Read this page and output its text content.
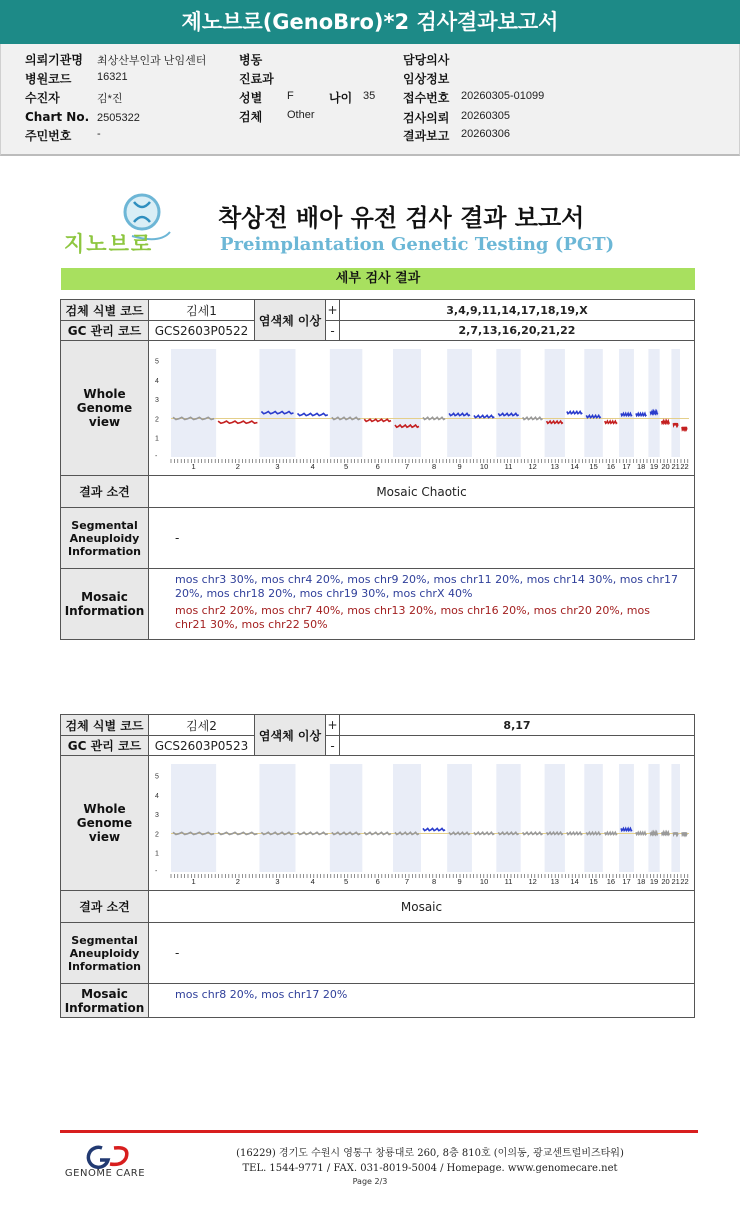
제노브로(GenoBro)*2 검사결과보고서
의뢰기관명 최상산부인과 난임센터
병원코드 16321
수진자	김*진
Chart No. 2505322
주민번호 -
병동
진료과
성별 F	나이 35
검체 Other
담당의사
임상정보
접수번호 20260305-01099
검사의뢰 20260305
결과보고 20260306
지노브로
착상전 배아 유전 검사 결과 보고서
Preimplantation Genetic Testing (PGT)
세부 검사 결과
검체 식별 코드	김세1	+	3,4,9,11,14,17,18,19,X
GC 관리 코드	GCS2603P0522	-	2,7,13,16,20,21,22
염색체 이상
Whole Genome view
5
4
3
2
1
-
1	2	3	4	5	6	7	8	9 10 11 12 13 14 15 16 17 18 19 20 21 22
결과 소견	Mosaic Chaotic
Segmental Aneuploidy Information
-
Mosaic Information
mos chr3 30%, mos chr4 20%, mos chr9 20%, mos chr11 20%, mos chr14 30%, mos chr17 20%, mos chr18 20%, mos chr19 30%, mos chrX 40%
mos chr2 20%, mos chr7 40%, mos chr13 20%, mos chr16 20%, mos chr20 20%, mos chr21 30%, mos chr22 50%
검체 식별 코드	김세2	+	8,17
GC 관리 코드	GCS2603P0523	-
염색체 이상
Whole Genome view
5
4
3
2
1
-
1	2	3	4	5	6	7	8	9 10 11 12 13 14 15 16 17 18 19 20 21 22
결과 소견	Mosaic
Segmental Aneuploidy Information
-
Mosaic Information
mos chr8 20%, mos chr17 20%
GENOME CARE
(16229) 경기도 수원시 영통구 창룡대로 260, 8층 810호 (이의동, 광교센트럴비즈타워)
TEL. 1544-9771 / FAX. 031-8019-5004 / Homepage. www.genomecare.net
Page 2/3
